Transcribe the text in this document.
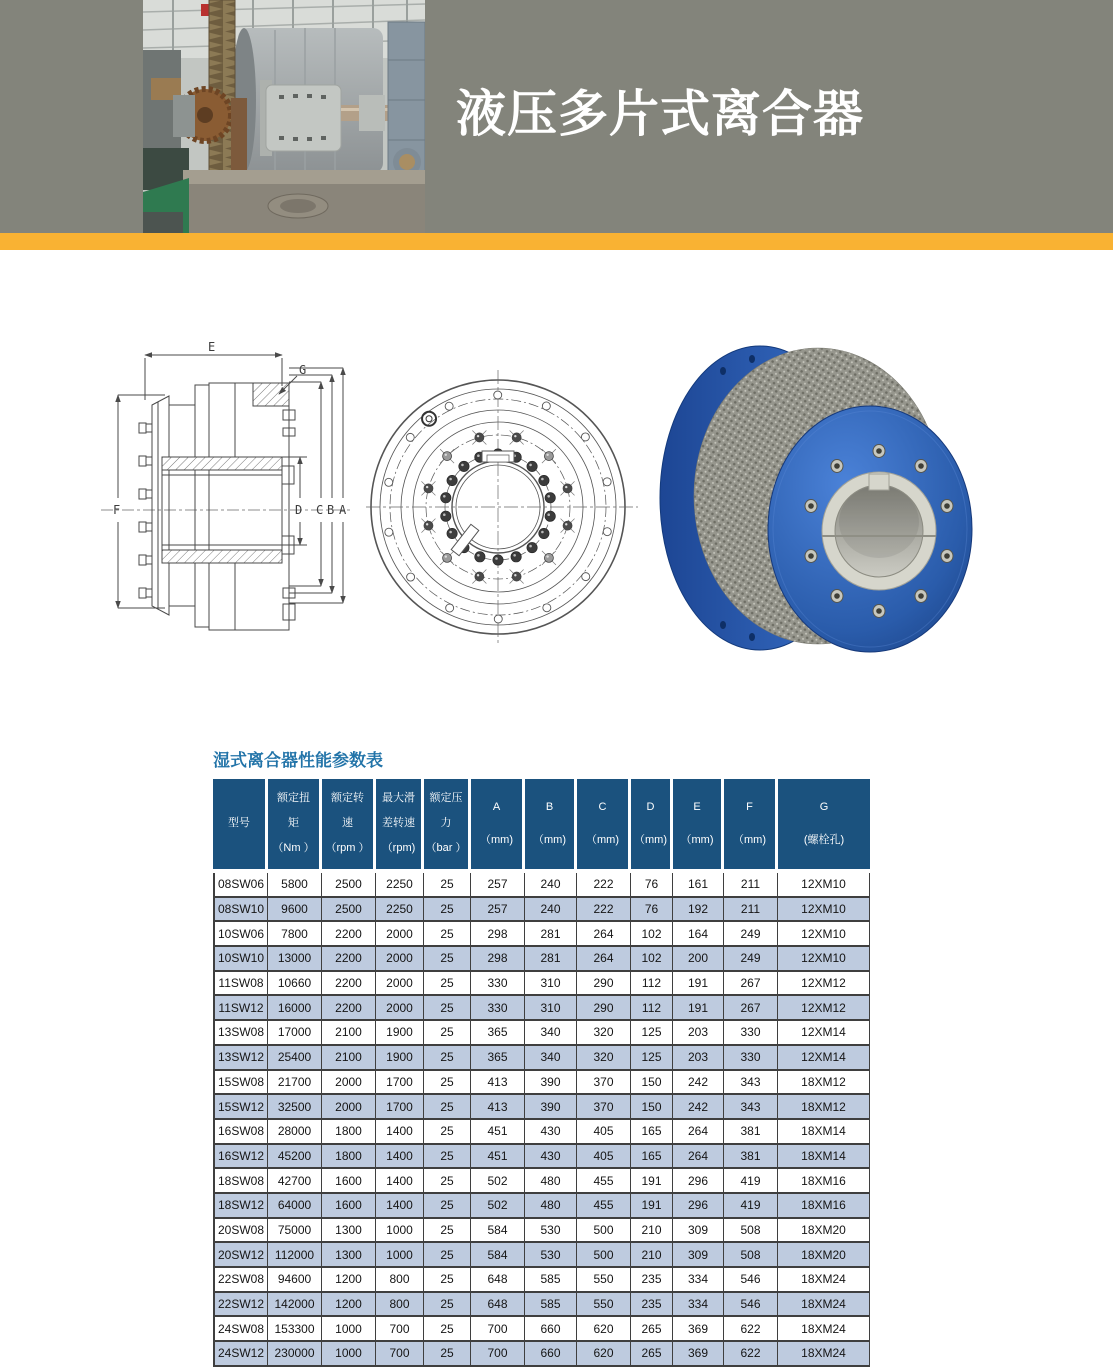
液压多片式离合器
E
G
F	D C B A
湿式离合器性能参数表
型号

额定扭
矩
（Nm ）

额定转
速
（rpm ）

最大滑
差转速
（rpm)

额定压
力
（bar ）

A
（mm)

B
（mm)

C
（mm)

D
（mm)

E
（mm)

F
（mm)

G
(螺栓孔)

08SW06	5800	2500	2250	25	257	240	222	76	161	211	12XM10
08SW10	9600	2500	2250	25	257	240	222	76	192	211	12XM10
10SW06	7800	2200	2000	25	298	281	264	102	164	249	12XM10
10SW10	13000	2200	2000	25	298	281	264	102	200	249	12XM10
11SW08	10660	2200	2000	25	330	310	290	112	191	267	12XM12
11SW12	16000	2200	2000	25	330	310	290	112	191	267	12XM12
13SW08	17000	2100	1900	25	365	340	320	125	203	330	12XM14
13SW12	25400	2100	1900	25	365	340	320	125	203	330	12XM14
15SW08	21700	2000	1700	25	413	390	370	150	242	343	18XM12
15SW12	32500	2000	1700	25	413	390	370	150	242	343	18XM12
16SW08	28000	1800	1400	25	451	430	405	165	264	381	18XM14
16SW12	45200	1800	1400	25	451	430	405	165	264	381	18XM14
18SW08	42700	1600	1400	25	502	480	455	191	296	419	18XM16
18SW12	64000	1600	1400	25	502	480	455	191	296	419	18XM16
20SW08	75000	1300	1000	25	584	530	500	210	309	508	18XM20
20SW12	112000	1300	1000	25	584	530	500	210	309	508	18XM20
22SW08	94600	1200	800	25	648	585	550	235	334	546	18XM24
22SW12	142000	1200	800	25	648	585	550	235	334	546	18XM24
24SW08	153300	1000	700	25	700	660	620	265	369	622	18XM24
24SW12	230000	1000	700	25	700	660	620	265	369	622	18XM24
